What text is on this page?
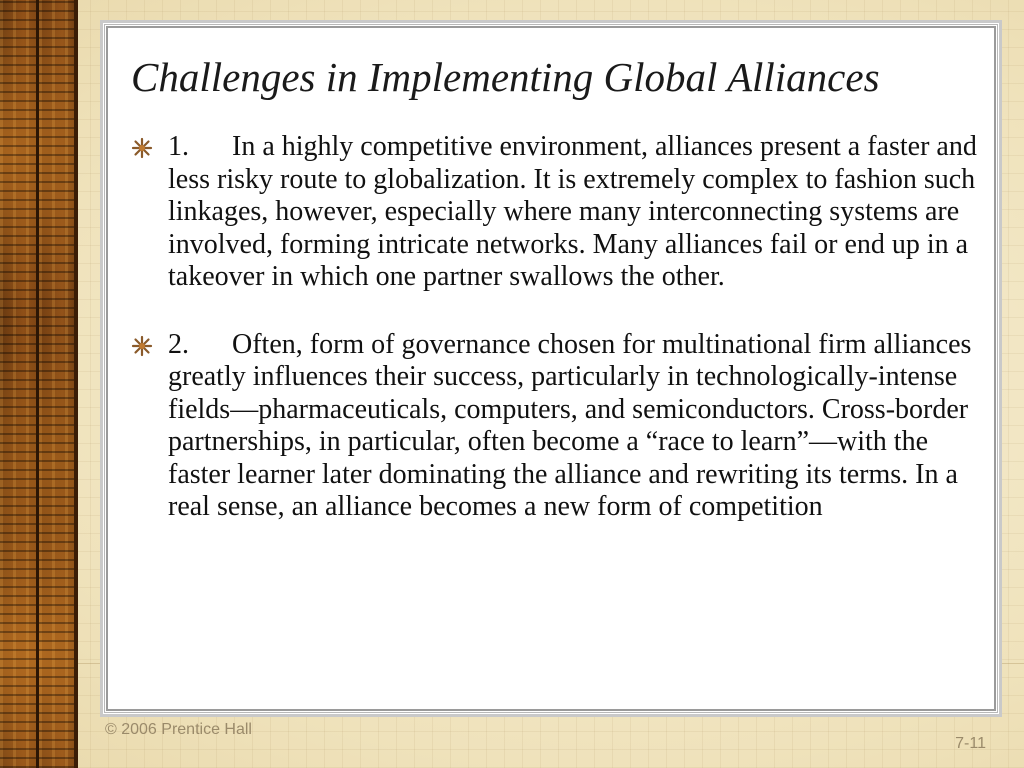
Challenges in Implementing Global Alliances
1. In a highly competitive environment, alliances present a faster and less risky route to globalization. It is extremely complex to fashion such linkages, however, especially where many interconnecting systems are involved, forming intricate networks. Many alliances fail or end up in a takeover in which one partner swallows the other.
2. Often, form of governance chosen for multinational firm alliances greatly influences their success, particularly in technologically-intense fields—pharmaceuticals, computers, and semiconductors. Cross-border partnerships, in particular, often become a “race to learn”—with the faster learner later dominating the alliance and rewriting its terms. In a real sense, an alliance becomes a new form of competition
© 2006 Prentice Hall
7-11
